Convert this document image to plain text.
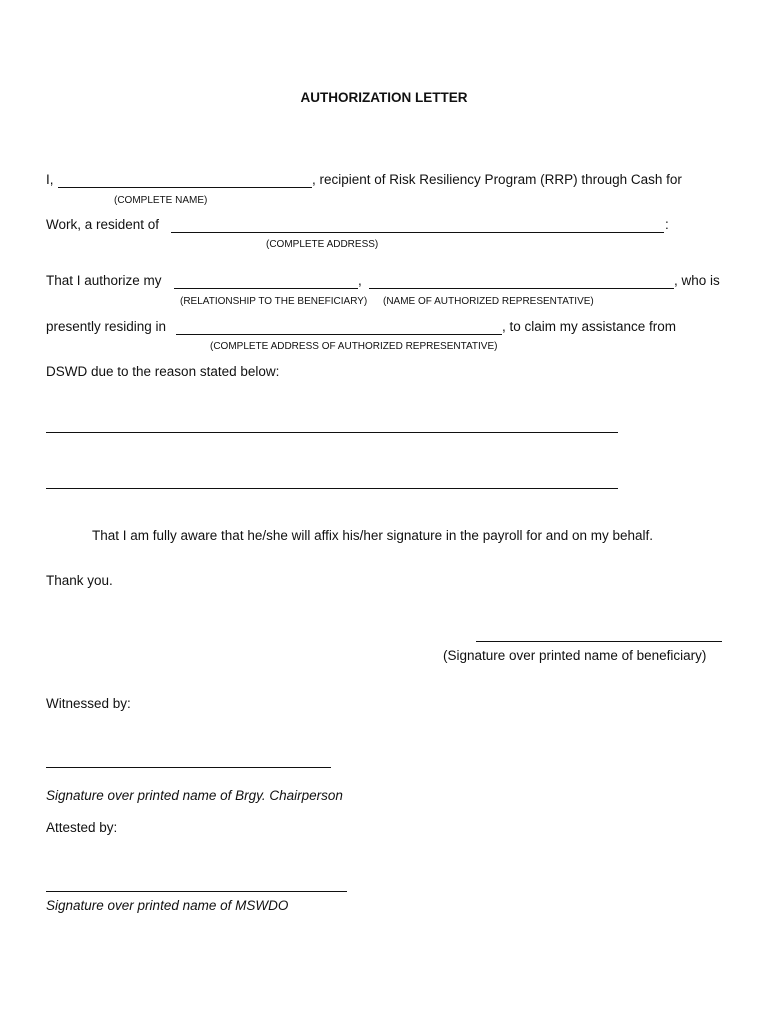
AUTHORIZATION LETTER
I,	, recipient of Risk Resiliency Program (RRP) through Cash for
(COMPLETE NAME)
Work, a resident of	:
(COMPLETE ADDRESS)
That I authorize my	,	, who is
(RELATIONSHIP TO THE BENEFICIARY) (NAME OF AUTHORIZED REPRESENTATIVE)
presently residing in	, to claim my assistance from
(COMPLETE ADDRESS OF AUTHORIZED REPRESENTATIVE)
DSWD due to the reason stated below:
That I am fully aware that he/she will affix his/her signature in the payroll for and on my behalf.
Thank you.
(Signature over printed name of beneficiary)
Witnessed by:
Signature over printed name of Brgy. Chairperson
Attested by:
Signature over printed name of MSWDO
